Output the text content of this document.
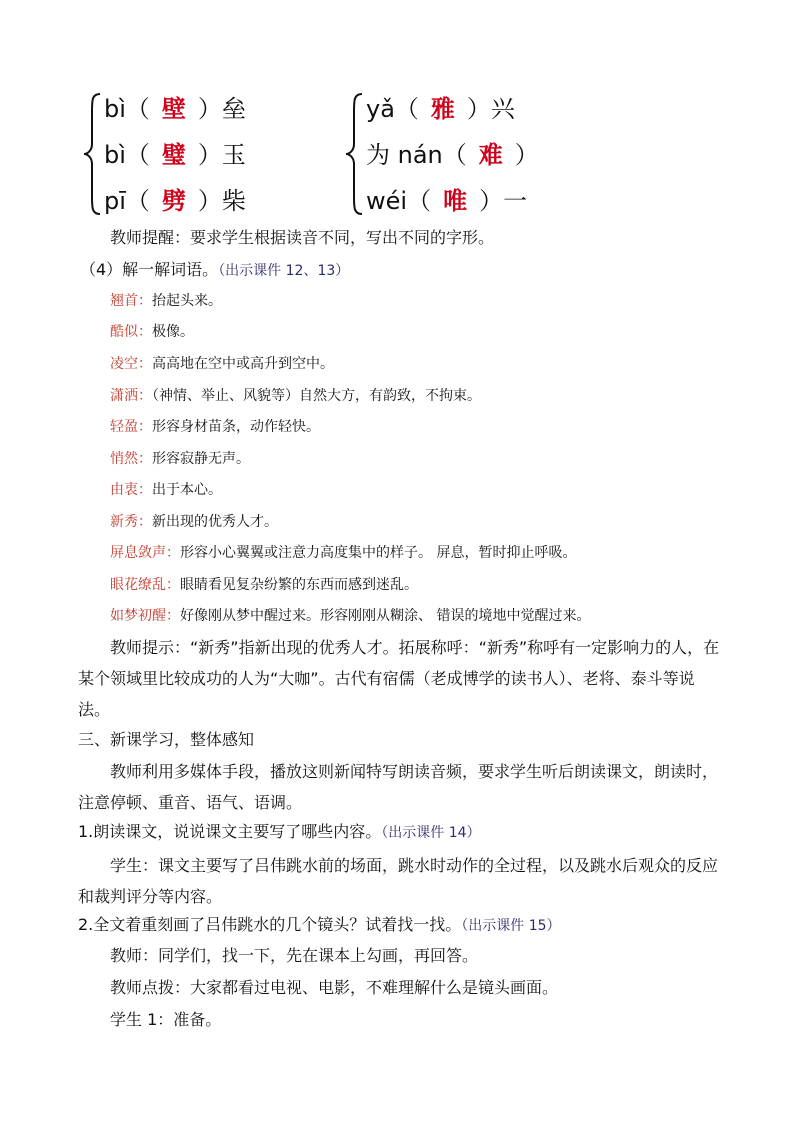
bì （ 壁 ） 垒
bì （ 璧 ） 玉
pī （ 劈 ） 柴
yǎ （ 雅 ） 兴
为 nán （ 难 ）
wéi （ 唯 ） 一
教师提醒：要求学生根据读音不同，写出不同的字形。
（4）解一解词语。（出示课件 12、13）
翘首：抬起头来。
酷似：极像。
凌空：高高地在空中或高升到空中。
潇洒：（神情、举止、风貌等）自然大方，有韵致，不拘束。
轻盈：形容身材苗条，动作轻快。
悄然：形容寂静无声。
由衷：出于本心。
新秀：新出现的优秀人才。
屏息敛声：形容小心翼翼或注意力高度集中的样子。 屏息，暂时抑止呼吸。
眼花缭乱：眼睛看见复杂纷繁的东西而感到迷乱。
如梦初醒：好像刚从梦中醒过来。形容刚刚从糊涂、 错误的境地中觉醒过来。
教师提示：“新秀”指新出现的优秀人才。拓展称呼：“新秀”称呼有一定影响力的人，在某个领域里比较成功的人为“大咖”。古代有宿儒（老成博学的读书人）、老将、泰斗等说法。
三、新课学习，整体感知
教师利用多媒体手段，播放这则新闻特写朗读音频，要求学生听后朗读课文，朗读时，注意停顿、重音、语气、语调。
1.朗读课文，说说课文主要写了哪些内容。（出示课件 14）
学生：课文主要写了吕伟跳水前的场面，跳水时动作的全过程，以及跳水后观众的反应和裁判评分等内容。
2.全文着重刻画了吕伟跳水的几个镜头？试着找一找。（出示课件 15）
教师：同学们，找一下，先在课本上勾画，再回答。
教师点拨：大家都看过电视、电影，不难理解什么是镜头画面。
学生 1：准备。
